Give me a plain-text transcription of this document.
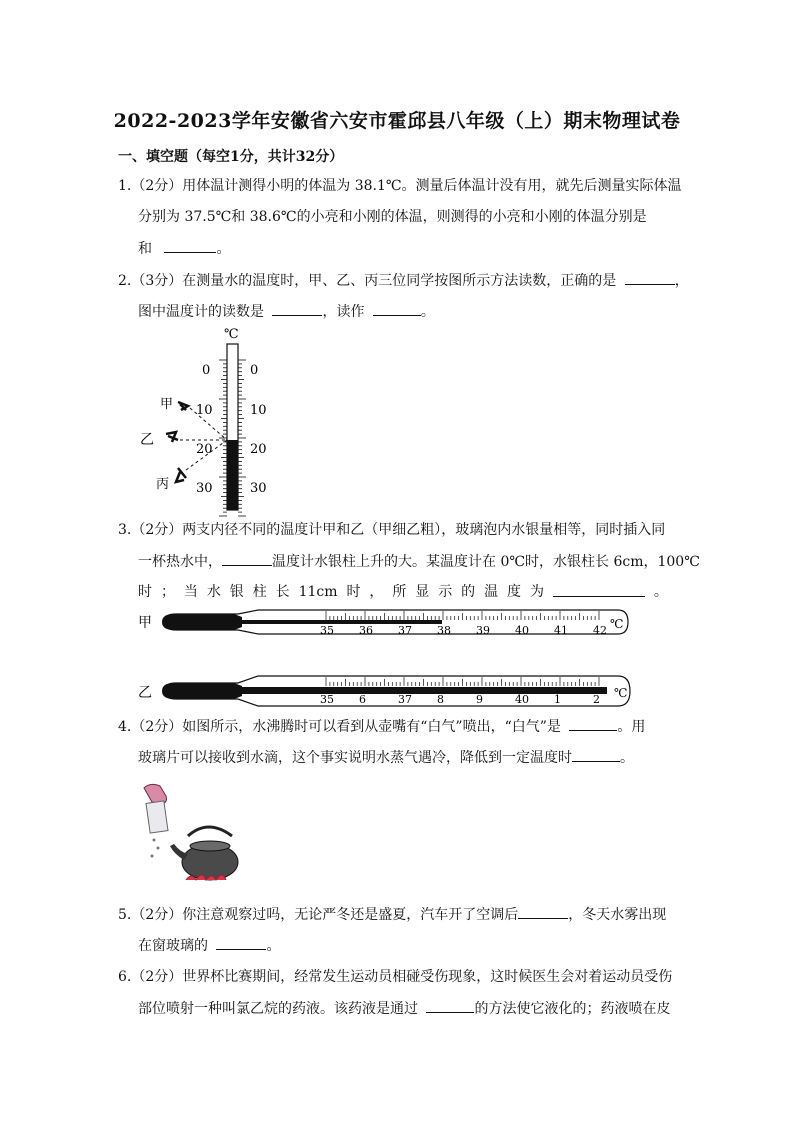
2022-2023学年安徽省六安市霍邱县八年级（上）期末物理试卷
一、填空题（每空1分，共计32分）
1.（2分）用体温计测得小明的体温为 38.1℃。测量后体温计没有用，就先后测量实际体温
分别为 37.5℃和 38.6℃的小亮和小刚的体温，则测得的小亮和小刚的体温分别是
和	。
2.（3分）在测量水的温度时，甲、乙、丙三位同学按图所示方法读数，正确的是	，
图中温度计的读数是	，读作	。
℃
0
10
20
30
0
10
20
30
甲
乙
丙
3.（2分）两支内径不同的温度计甲和乙（甲细乙粗），玻璃泡内水银量相等，同时插入同
一杯热水中，	温度计水银柱上升的大。某温度计在 0℃时，水银柱长 6cm，100℃
时 ； 当 水 银 柱 长 11cm 时 ， 所 显 示 的 温 度 为	。
甲	35 36 37 38 39 40 41 42 ℃
乙	35 6	37 8	9	40 1	2 ℃
4.（2分）如图所示，水沸腾时可以看到从壶嘴有“白气”喷出，“白气”是	。用
玻璃片可以接收到水滴，这个事实说明水蒸气遇冷，降低到一定温度时	。
5.（2分）你注意观察过吗，无论严冬还是盛夏，汽车开了空调后	，冬天水雾出现
在窗玻璃的	。
6.（2分）世界杯比赛期间，经常发生运动员相碰受伤现象，这时候医生会对着运动员受伤
部位喷射一种叫氯乙烷的药液。该药液是通过	的方法使它液化的；药液喷在皮
